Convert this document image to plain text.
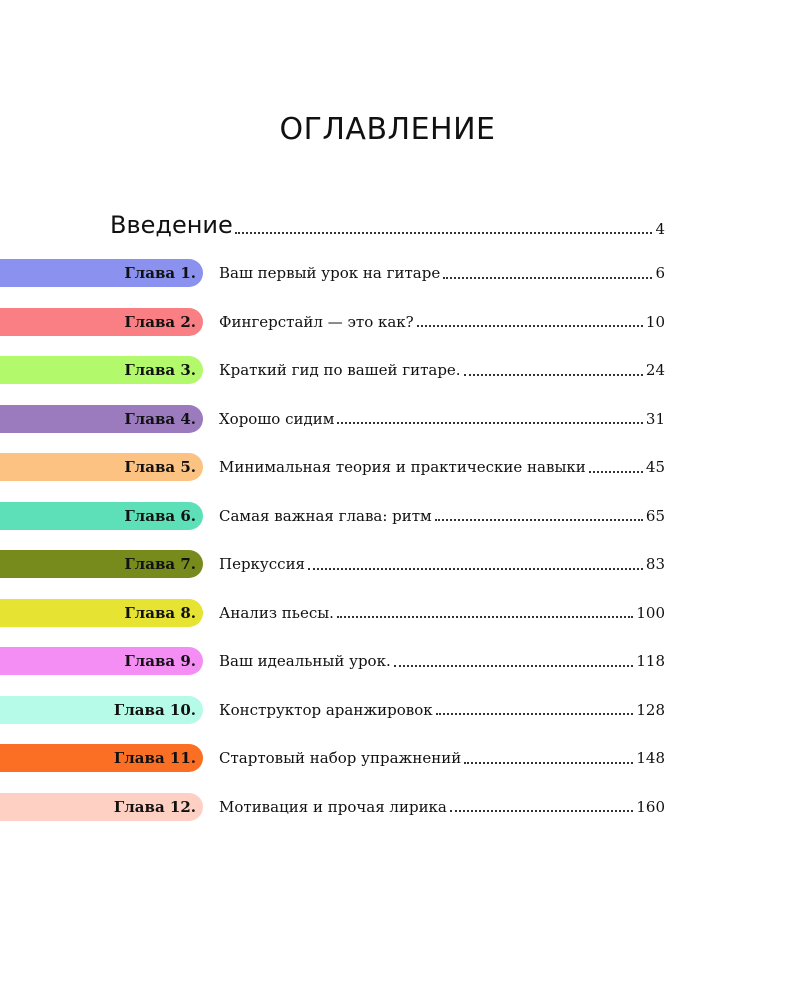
ОГЛАВЛЕНИЕ
Введение	4
Глава 1. Ваш первый урок на гитаре	6
Глава 2. Фингерстайл — это как?	10
Глава 3. Краткий гид по вашей гитаре.	24
Глава 4. Хорошо сидим	31
Глава 5. Минимальная теория и практические навыки	45
Глава 6. Самая важная глава: ритм	65
Глава 7. Перкуссия	83
Глава 8. Анализ пьесы.	100
Глава 9. Ваш идеальный урок.	118
Глава 10. Конструктор аранжировок	128
Глава 11. Стартовый набор упражнений	148
Глава 12. Мотивация и прочая лирика	160
